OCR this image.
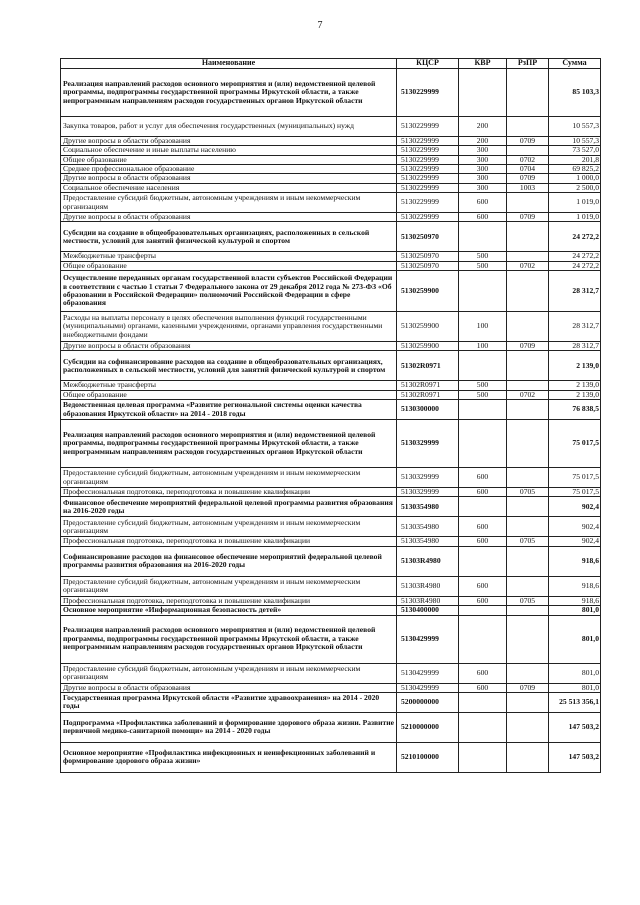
7
Наименование	КЦСР	КВР	РзПР	Сумма
Реализация направлений расходов основного мероприятия и (или) ведомственной целевой программы, подпрограммы государственной программы Иркутской области, а также непрограммным направлениям расходов государственных органов Иркутской области	5130229999			85 103,3
Закупка товаров, работ и услуг для обеспечения государственных (муниципальных) нужд	5130229999	200		10 557,3
Другие вопросы в области образования	5130229999	200	0709	10 557,3
Социальное обеспечение и иные выплаты населению	5130229999	300		73 527,0
Общее образование	5130229999	300	0702	201,8
Среднее профессиональное образование	5130229999	300	0704	69 825,2
Другие вопросы в области образования	5130229999	300	0709	1 000,0
Социальное обеспечение населения	5130229999	300	1003	2 500,0
Предоставление субсидий бюджетным, автономным учреждениям и иным некоммерческим организациям	5130229999	600		1 019,0
Другие вопросы в области образования	5130229999	600	0709	1 019,0
Субсидии на создание в общеобразовательных организациях, расположенных в сельской местности, условий для занятий физической культурой и спортом	5130250970			24 272,2
Межбюджетные трансферты	5130250970	500		24 272,2
Общее образование	5130250970	500	0702	24 272,2
Осуществление переданных органам государственной власти субъектов Российской Федерации в соответствии с частью 1 статьи 7 Федерального закона от 29 декабря 2012 года № 273-ФЗ «Об образовании в Российской Федерации» полномочий Российской Федерации в сфере образования	5130259900			28 312,7
Расходы на выплаты персоналу в целях обеспечения выполнения функций государственными (муниципальными) органами, казенными учреждениями, органами управления государственными внебюджетными фондами	5130259900	100		28 312,7
Другие вопросы в области образования	5130259900	100	0709	28 312,7
Субсидии на софинансирование расходов на создание в общеобразовательных организациях, расположенных в сельской местности, условий для занятий физической культурой и спортом	51302R0971			2 139,0
Межбюджетные трансферты	51302R0971	500		2 139,0
Общее образование	51302R0971	500	0702	2 139,0
Ведомственная целевая программа «Развитие региональной системы оценки качества образования Иркутской области» на 2014 - 2018 годы	5130300000			76 838,5
Реализация направлений расходов основного мероприятия и (или) ведомственной целевой программы, подпрограммы государственной программы Иркутской области, а также непрограммным направлениям расходов государственных органов Иркутской области	5130329999			75 017,5
Предоставление субсидий бюджетным, автономным учреждениям и иным некоммерческим организациям	5130329999	600		75 017,5
Профессиональная подготовка, переподготовка и повышение квалификации	5130329999	600	0705	75 017,5
Финансовое обеспечение мероприятий федеральной целевой программы развития образования на 2016-2020 годы	5130354980			902,4
Предоставление субсидий бюджетным, автономным учреждениям и иным некоммерческим организациям	5130354980	600		902,4
Профессиональная подготовка, переподготовка и повышение квалификации	5130354980	600	0705	902,4
Софинансирование расходов на финансовое обеспечение мероприятий федеральной целевой программы развития образования на 2016-2020 годы	51303R4980			918,6
Предоставление субсидий бюджетным, автономным учреждениям и иным некоммерческим организациям	51303R4980	600		918,6
Профессиональная подготовка, переподготовка и повышение квалификации	51303R4980	600	0705	918,6
Основное мероприятие «Информационная безопасность детей»	5130400000			801,0
Реализация направлений расходов основного мероприятия и (или) ведомственной целевой программы, подпрограммы государственной программы Иркутской области, а также непрограммным направлениям расходов государственных органов Иркутской области	5130429999			801,0
Предоставление субсидий бюджетным, автономным учреждениям и иным некоммерческим организациям	5130429999	600		801,0
Другие вопросы в области образования	5130429999	600	0709	801,0
Государственная программа Иркутской области «Развитие здравоохранения» на 2014 - 2020 годы	5200000000			25 513 356,1
Подпрограмма «Профилактика заболеваний и формирование здорового образа жизни. Развитие первичной медико-санитарной помощи» на 2014 - 2020 годы	5210000000			147 503,2
Основное мероприятие «Профилактика инфекционных и неинфекционных заболеваний и формирование здорового образа жизни»	5210100000			147 503,2
